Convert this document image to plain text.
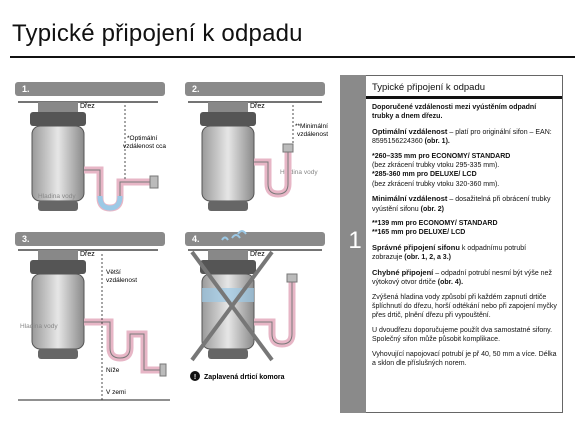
Typické připojení k odpadu
1.
Dřez
Hladina vody
*Optimální
vzdálenost cca
2.
Dřez
Hladina vody
**Minimální
vzdálenost
3.
Dřez
Hladina vody
Větší
vzdálenost
Níže
V zemi
4.
Dřez
! Zaplavená drticí komora
1
Typické připojení k odpadu

Doporučené vzdálenosti mezi vyústěním odpadní trubky a dnem dřezu.

Optimální vzdálenost – platí pro originální sifon – EAN: 8595156224360 (obr. 1).

*260–335 mm pro ECONOMY/ STANDARD
(bez zkrácení trubky vtoku 295-335 mm).
*285-360 mm pro DELUXE/ LCD
(bez zkrácení trubky vtoku 320-360 mm).

Minimální vzdálenost – dosažitelná při obrácení trubky vyústění sifonu (obr. 2)

**139 mm pro ECONOMY/ STANDARD
**165 mm pro DELUXE/ LCD

Správné připojení sifonu k odpadnímu potrubí zobrazuje (obr. 1, 2, a 3.)

Chybné připojení – odpadní potrubí nesmí být výše než výtokový otvor drtiče (obr. 4).

Zvýšená hladina vody způsobí při každém zapnutí drtiče šplíchnutí do dřezu, horší odtékání nebo při zapojení myčky přes drtič, plnění dřezu při vypouštění.

U dvoudřezu doporučujeme použít dva samostatné sifony. Společný sifon může působit komplikace.

Vyhovující napojovací potrubí je př 40, 50 mm a více. Délka a sklon dle příslušných norem.
